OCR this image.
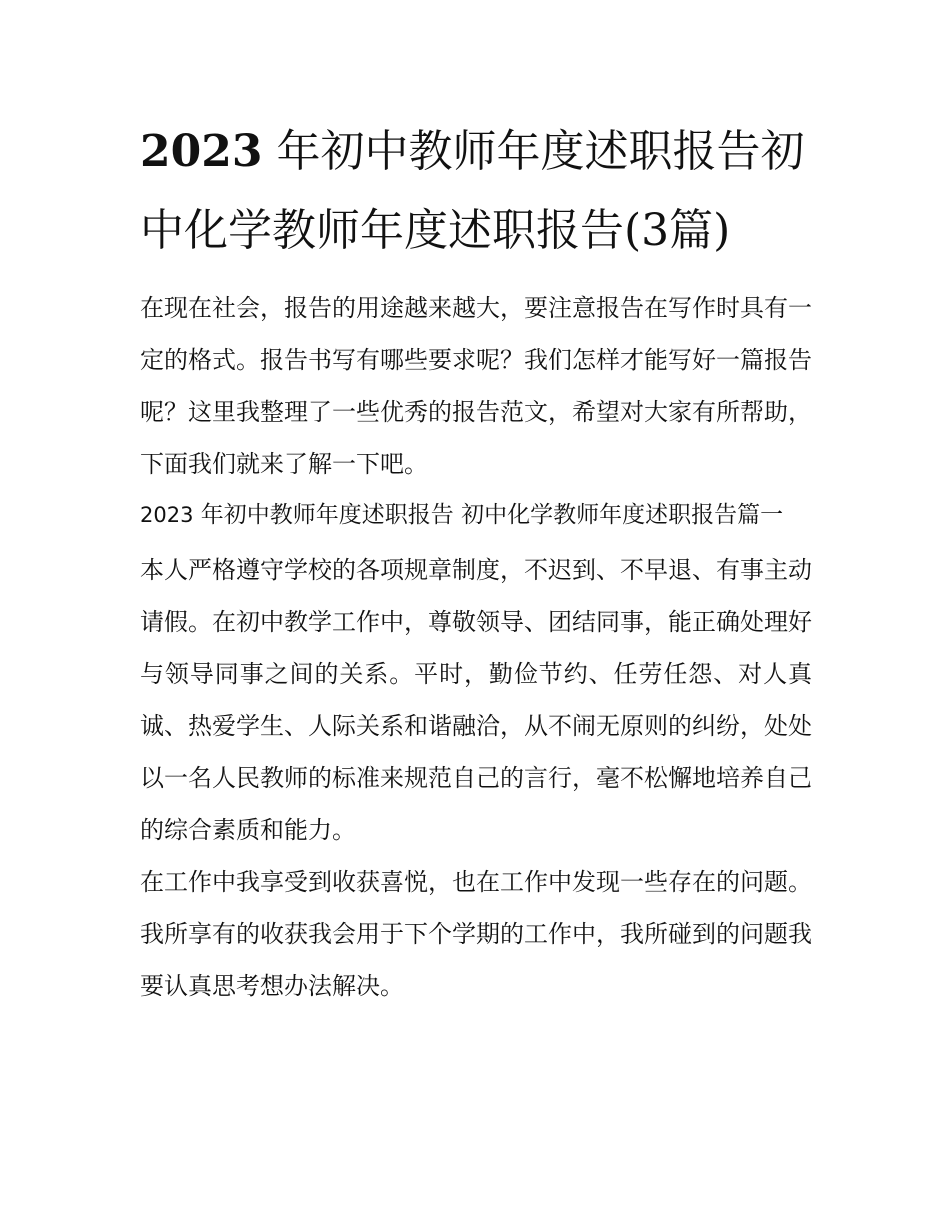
2023 年初中教师年度述职报告初中化学教师年度述职报告(3篇)

在现在社会，报告的用途越来越大，要注意报告在写作时具有一定的格式。报告书写有哪些要求呢？我们怎样才能写好一篇报告呢？这里我整理了一些优秀的报告范文，希望对大家有所帮助，下面我们就来了解一下吧。

2023 年初中教师年度述职报告 初中化学教师年度述职报告篇一

本人严格遵守学校的各项规章制度，不迟到、不早退、有事主动请假。在初中教学工作中，尊敬领导、团结同事，能正确处理好与领导同事之间的关系。平时，勤俭节约、任劳任怨、对人真诚、热爱学生、人际关系和谐融洽，从不闹无原则的纠纷，处处以一名人民教师的标准来规范自己的言行，毫不松懈地培养自己的综合素质和能力。

在工作中我享受到收获喜悦，也在工作中发现一些存在的问题。我所享有的收获我会用于下个学期的工作中，我所碰到的问题我要认真思考想办法解决。
